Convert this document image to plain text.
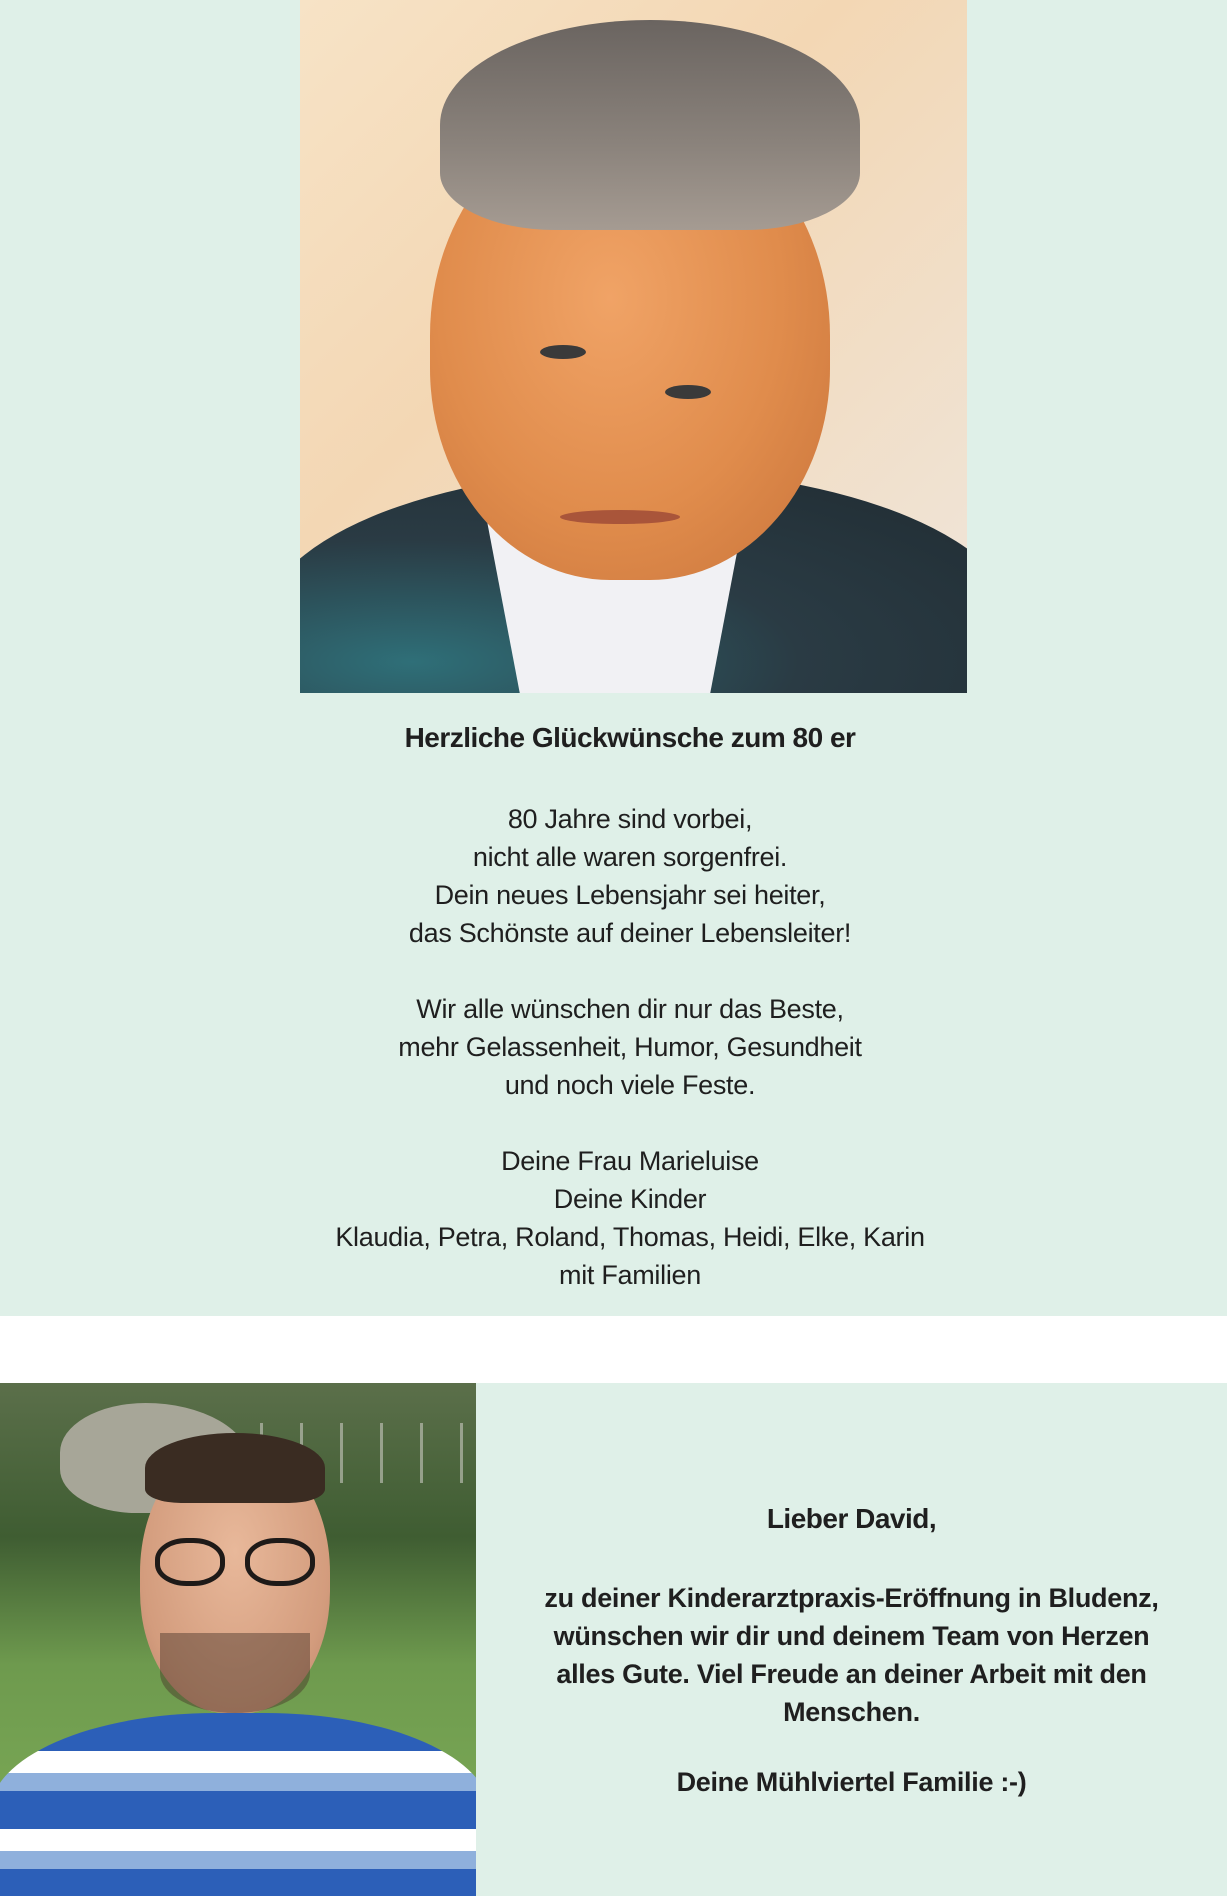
Herzliche Glückwünsche zum 80 er
80 Jahre sind vorbei,
nicht alle waren sorgenfrei.
Dein neues Lebensjahr sei heiter,
das Schönste auf deiner Lebensleiter!
Wir alle wünschen dir nur das Beste,
mehr Gelassenheit, Humor, Gesundheit
und noch viele Feste.
Deine Frau Marieluise
Deine Kinder
Klaudia, Petra, Roland, Thomas, Heidi, Elke, Karin
mit Familien
Lieber David,
zu deiner Kinderarztpraxis-Eröffnung in Bludenz,
wünschen wir dir und deinem Team von Herzen
alles Gute. Viel Freude an deiner Arbeit mit den
Menschen.
Deine Mühlviertel Familie :-)
